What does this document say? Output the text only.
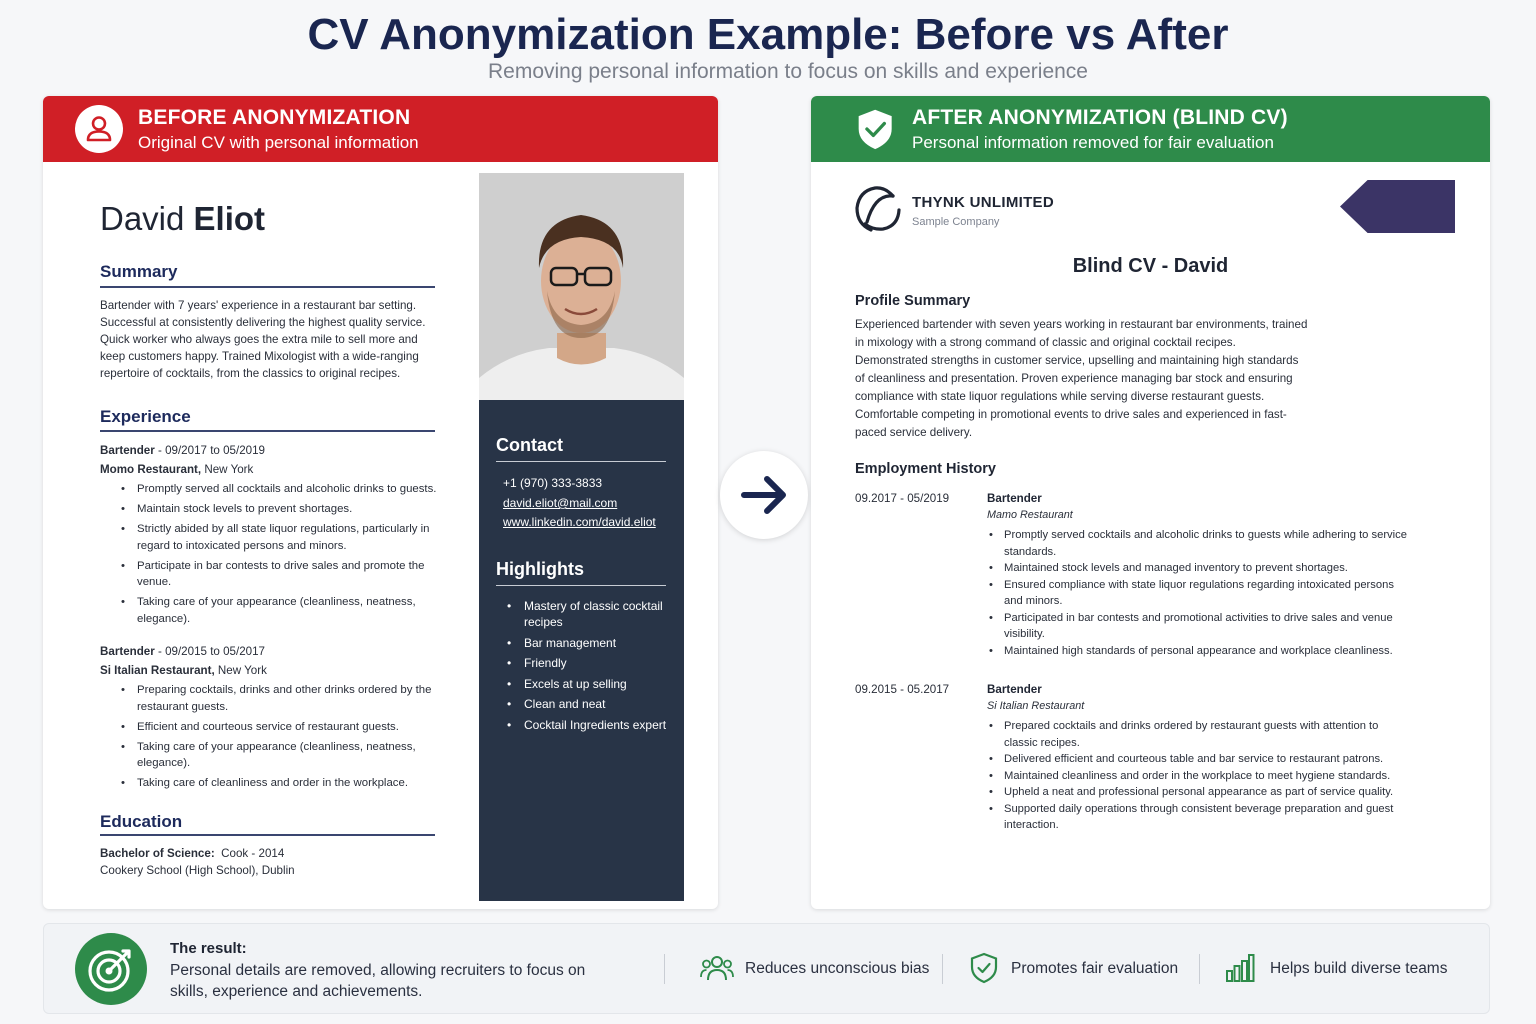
CV Anonymization Example: Before vs After
Removing personal information to focus on skills and experience
BEFORE ANONYMIZATION
Original CV with personal information
David Eliot
Summary
Bartender with 7 years' experience in a restaurant bar setting. Successful at consistently delivering the highest quality service. Quick worker who always goes the extra mile to sell more and keep customers happy. Trained Mixologist with a wide-ranging repertoire of cocktails, from the classics to original recipes.
Experience
Bartender - 09/2017 to 05/2019
Momo Restaurant, New York
• Promptly served all cocktails and alcoholic drinks to guests.
• Maintain stock levels to prevent shortages.
• Strictly abided by all state liquor regulations, particularly in regard to intoxicated persons and minors.
• Participate in bar contests to drive sales and promote the venue.
• Taking care of your appearance (cleanliness, neatness, elegance).
Bartender - 09/2015 to 05/2017
Si Italian Restaurant, New York
• Preparing cocktails, drinks and other drinks ordered by the restaurant guests.
• Efficient and courteous service of restaurant guests.
• Taking care of your appearance (cleanliness, neatness, elegance).
• Taking care of cleanliness and order in the workplace.
Education
Bachelor of Science:  Cook - 2014
Cookery School (High School), Dublin
Contact
+1 (970) 333-3833
david.eliot@mail.com
www.linkedin.com/david.eliot
Highlights
• Mastery of classic cocktail recipes
• Bar management
• Friendly
• Excels at up selling
• Clean and neat
• Cocktail Ingredients expert
AFTER ANONYMIZATION (BLIND CV)
Personal information removed for fair evaluation
THYNK UNLIMITED
Sample Company
Blind CV - David
Profile Summary
Experienced bartender with seven years working in restaurant bar environments, trained in mixology with a strong command of classic and original cocktail recipes. Demonstrated strengths in customer service, upselling and maintaining high standards of cleanliness and presentation. Proven experience managing bar stock and ensuring compliance with state liquor regulations while serving diverse restaurant guests. Comfortable competing in promotional events to drive sales and experienced in fast-paced service delivery.
Employment History
09.2017 - 05/2019	Bartender
Mamo Restaurant
• Promptly served cocktails and alcoholic drinks to guests while adhering to service standards.
• Maintained stock levels and managed inventory to prevent shortages.
• Ensured compliance with state liquor regulations regarding intoxicated persons and minors.
• Participated in bar contests and promotional activities to drive sales and venue visibility.
• Maintained high standards of personal appearance and workplace cleanliness.
09.2015 - 05.2017	Bartender
Si Italian Restaurant
• Prepared cocktails and drinks ordered by restaurant guests with attention to classic recipes.
• Delivered efficient and courteous table and bar service to restaurant patrons.
• Maintained cleanliness and order in the workplace to meet hygiene standards.
• Upheld a neat and professional personal appearance as part of service quality.
• Supported daily operations through consistent beverage preparation and guest interaction.
The result:
Personal details are removed, allowing recruiters to focus on skills, experience and achievements.
Reduces unconscious bias	Promotes fair evaluation	Helps build diverse teams
